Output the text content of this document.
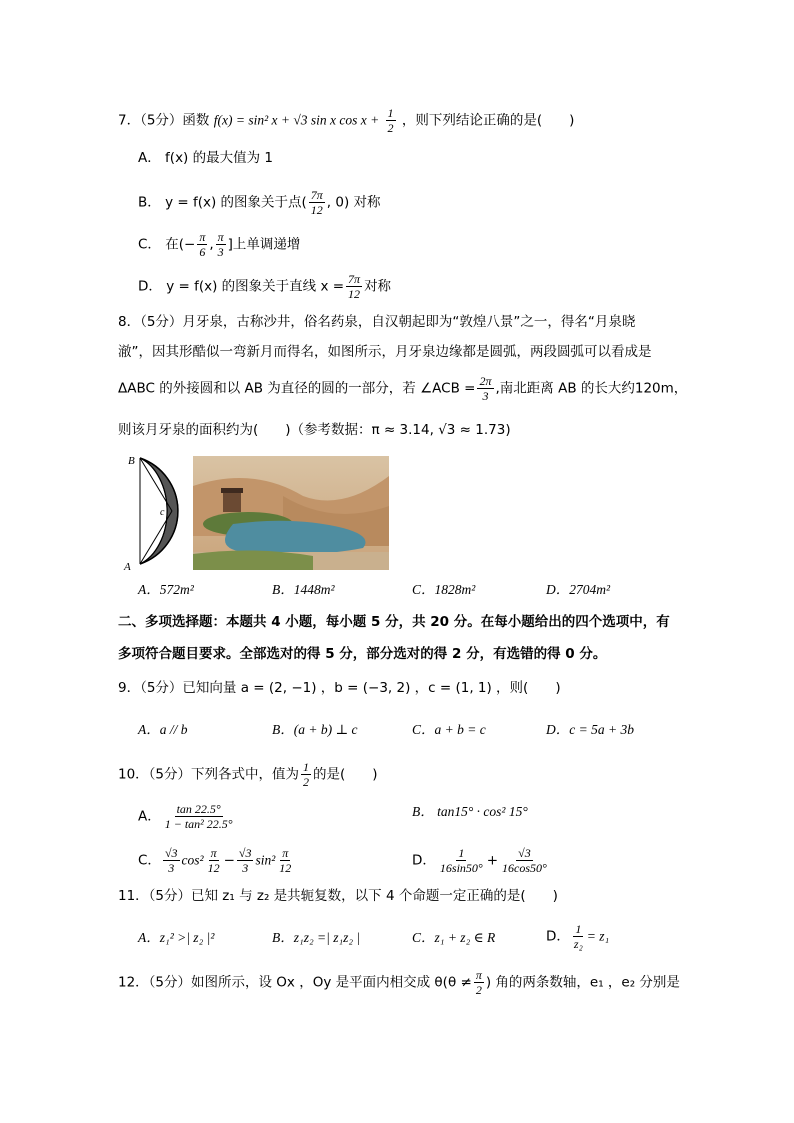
7．（5分）函数 f(x) = sin² x + √3 sin x $\cos x + \frac{1}{2}$ ，则下列结论正确的是(　　)
A． f(x) 的最大值为 1
B． y = f(x) 的图象关于点( $\frac{7\pi}{12}$ , 0) 对称
C． 在(− $\frac{\pi}{6}$ , $\frac{\pi}{3}$ ]上单调递增
D． y = f(x) 的图象关于直线 $x = \frac{7\pi}{12}$ 对称
8．（5分）月牙泉，古称沙井，俗名药泉，自汉朝起即为“敦煌八景”之一，得名“月泉晓
澈”，因其形酷似一弯新月而得名，如图所示，月牙泉边缘都是圆弧，两段圆弧可以看成是
ΔABC 的外接圆和以 AB 为直径的圆的一部分，若 ∠ACB = $\frac{2\pi}{3}$ ,南北距离 AB 的长大约120m，
则该月牙泉的面积约为(　　)（参考数据：π ≈ 3.14, √3 ≈ 1.73)
B
c
A
A．572m²	B．1448m²	C．1828m²	D．2704m²
二、多项选择题：本题共 4 小题，每小题 5 分，共 20 分。在每小题给出的四个选项中，有
多项符合题目要求。全部选对的得 5 分，部分选对的得 2 分，有选错的得 0 分。
9．（5分）已知向量 a = (2, −1) ，b = (−3, 2) ，c = (1, 1) ，则(　　)
A．a // b	B．(a + b) ⊥ c	C．a + b = c	D．c = 5a + 3b
10．（5分）下列各式中，值为 $\frac{1}{2}$ 的是(　　)
A． $\frac{\tan 22.5^\circ}{\text{1 − tan² 22.5°}}$	B． tan15° · cos² 15°
C． $\frac{√3}{3} \cos^2 \frac{\pi}{12} - \frac{√3}{3} \sin^2 \frac{\pi}{12}$	D． $\frac{1}{16\sin 50^\circ} + \frac{√3}{16\cos 50^\circ}$
11．（5分）已知 z₁ 与 z₂ 是共轭复数，以下 4 个命题一定正确的是(　　)
A．z₁² >| z₂ |²	B．z₁z₂ =| z₁z₂ |	C．z₁ + z₂ ∈ R	D． $\frac{1}{\text{z₂}} = z_1$
12．（5分）如图所示，设 Ox ，Oy 是平面内相交成 $\theta(\theta \ne \frac{\pi}{2}$ ) 角的两条数轴，e₁ ，e₂ 分别是
